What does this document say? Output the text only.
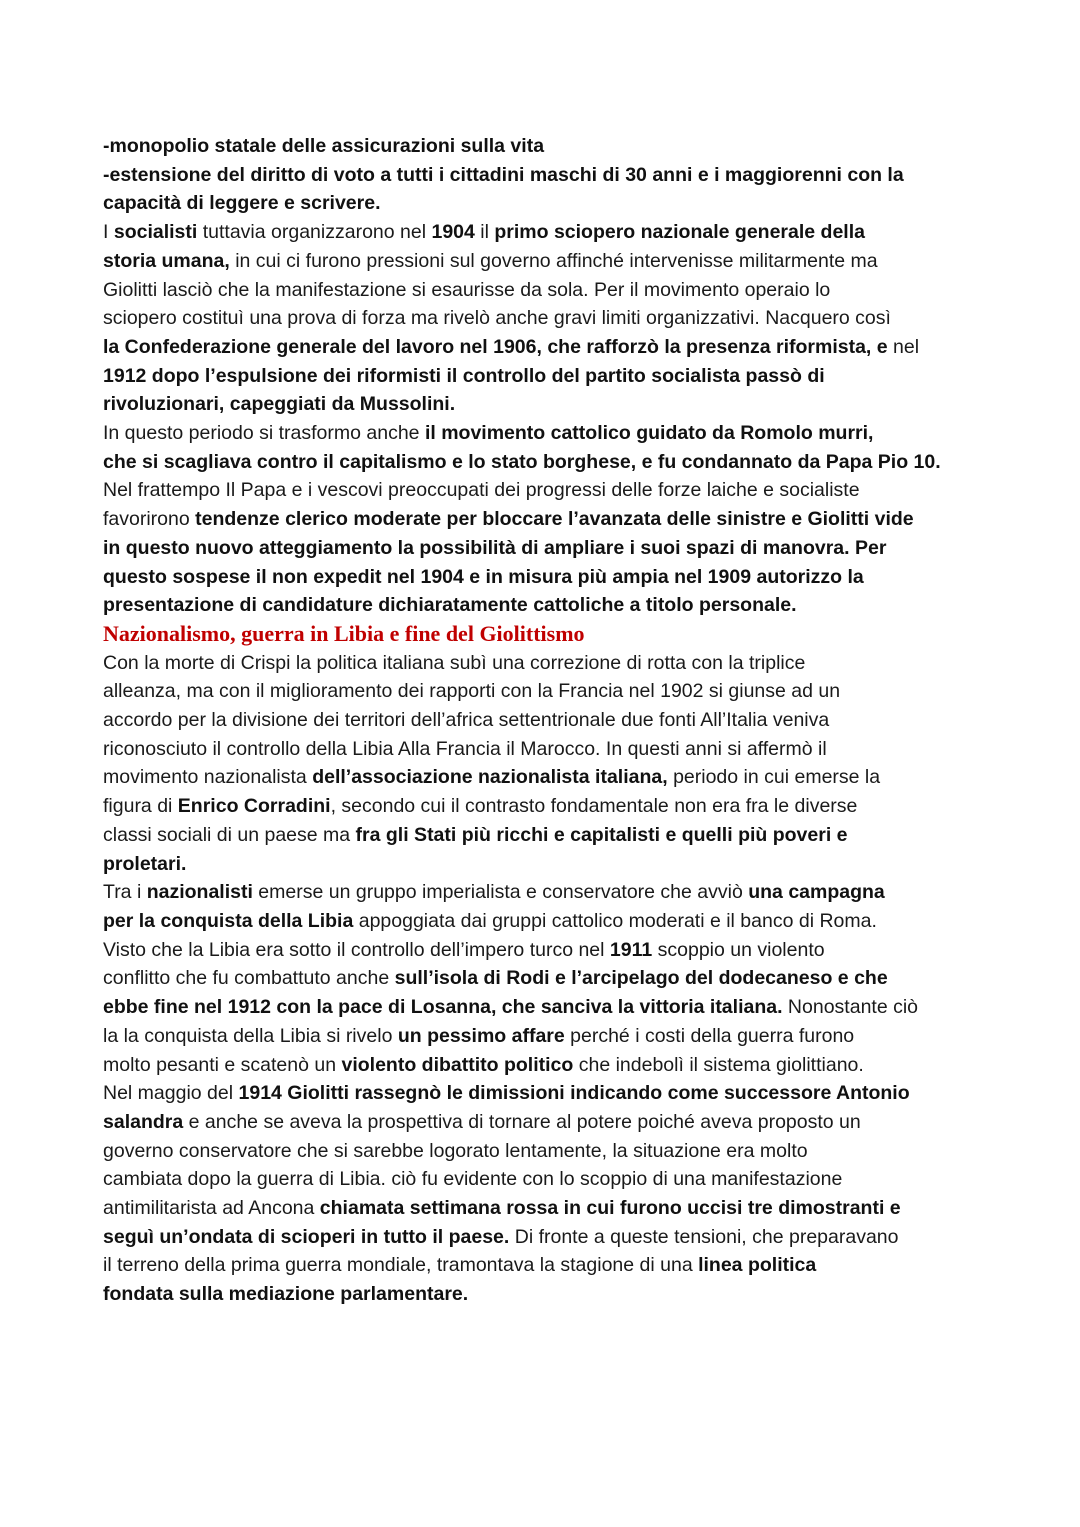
-monopolio statale delle assicurazioni sulla vita
-estensione del diritto di voto a tutti i cittadini maschi di 30 anni e i maggiorenni con la
capacità di leggere e scrivere.
I socialisti tuttavia organizzarono nel 1904 il primo sciopero nazionale generale della
storia umana, in cui ci furono pressioni sul governo affinché intervenisse militarmente ma
Giolitti lasciò che la manifestazione si esaurisse da sola. Per il movimento operaio lo
sciopero costituì una prova di forza ma rivelò anche gravi limiti organizzativi. Nacquero così
la Confederazione generale del lavoro nel 1906, che rafforzò la presenza riformista, e nel
1912 dopo l’espulsione dei riformisti il controllo del partito socialista passò di
rivoluzionari, capeggiati da Mussolini.
In questo periodo si trasformo anche il movimento cattolico guidato da Romolo murri,
che si scagliava contro il capitalismo e lo stato borghese, e fu condannato da Papa Pio 10.
Nel frattempo Il Papa e i vescovi preoccupati dei progressi delle forze laiche e socialiste
favorirono tendenze clerico moderate per bloccare l’avanzata delle sinistre e Giolitti vide
in questo nuovo atteggiamento la possibilità di ampliare i suoi spazi di manovra. Per
questo sospese il non expedit nel 1904 e in misura più ampia nel 1909 autorizzo la
presentazione di candidature dichiaratamente cattoliche a titolo personale.
Nazionalismo, guerra in Libia e fine del Giolittismo
Con la morte di Crispi la politica italiana subì una correzione di rotta con la triplice
alleanza, ma con il miglioramento dei rapporti con la Francia nel 1902 si giunse ad un
accordo per la divisione dei territori dell’africa settentrionale due fonti All’Italia veniva
riconosciuto il controllo della Libia Alla Francia il Marocco. In questi anni si affermò il
movimento nazionalista dell’associazione nazionalista italiana, periodo in cui emerse la
figura di Enrico Corradini, secondo cui il contrasto fondamentale non era fra le diverse
classi sociali di un paese ma fra gli Stati più ricchi e capitalisti e quelli più poveri e
proletari.
Tra i nazionalisti emerse un gruppo imperialista e conservatore che avviò una campagna
per la conquista della Libia appoggiata dai gruppi cattolico moderati e il banco di Roma.
Visto che la Libia era sotto il controllo dell’impero turco nel 1911 scoppio un violento
conflitto che fu combattuto anche sull’isola di Rodi e l’arcipelago del dodecaneso e che
ebbe fine nel 1912 con la pace di Losanna, che sanciva la vittoria italiana. Nonostante ciò
la la conquista della Libia si rivelo un pessimo affare perché i costi della guerra furono
molto pesanti e scatenò un violento dibattito politico che indebolì il sistema giolittiano.
Nel maggio del 1914 Giolitti rassegnò le dimissioni indicando come successore Antonio
salandra e anche se aveva la prospettiva di tornare al potere poiché aveva proposto un
governo conservatore che si sarebbe logorato lentamente, la situazione era molto
cambiata dopo la guerra di Libia. ciò fu evidente con lo scoppio di una manifestazione
antimilitarista ad Ancona chiamata settimana rossa in cui furono uccisi tre dimostranti e
seguì un’ondata di scioperi in tutto il paese. Di fronte a queste tensioni, che preparavano
il terreno della prima guerra mondiale, tramontava la stagione di una linea politica
fondata sulla mediazione parlamentare.
